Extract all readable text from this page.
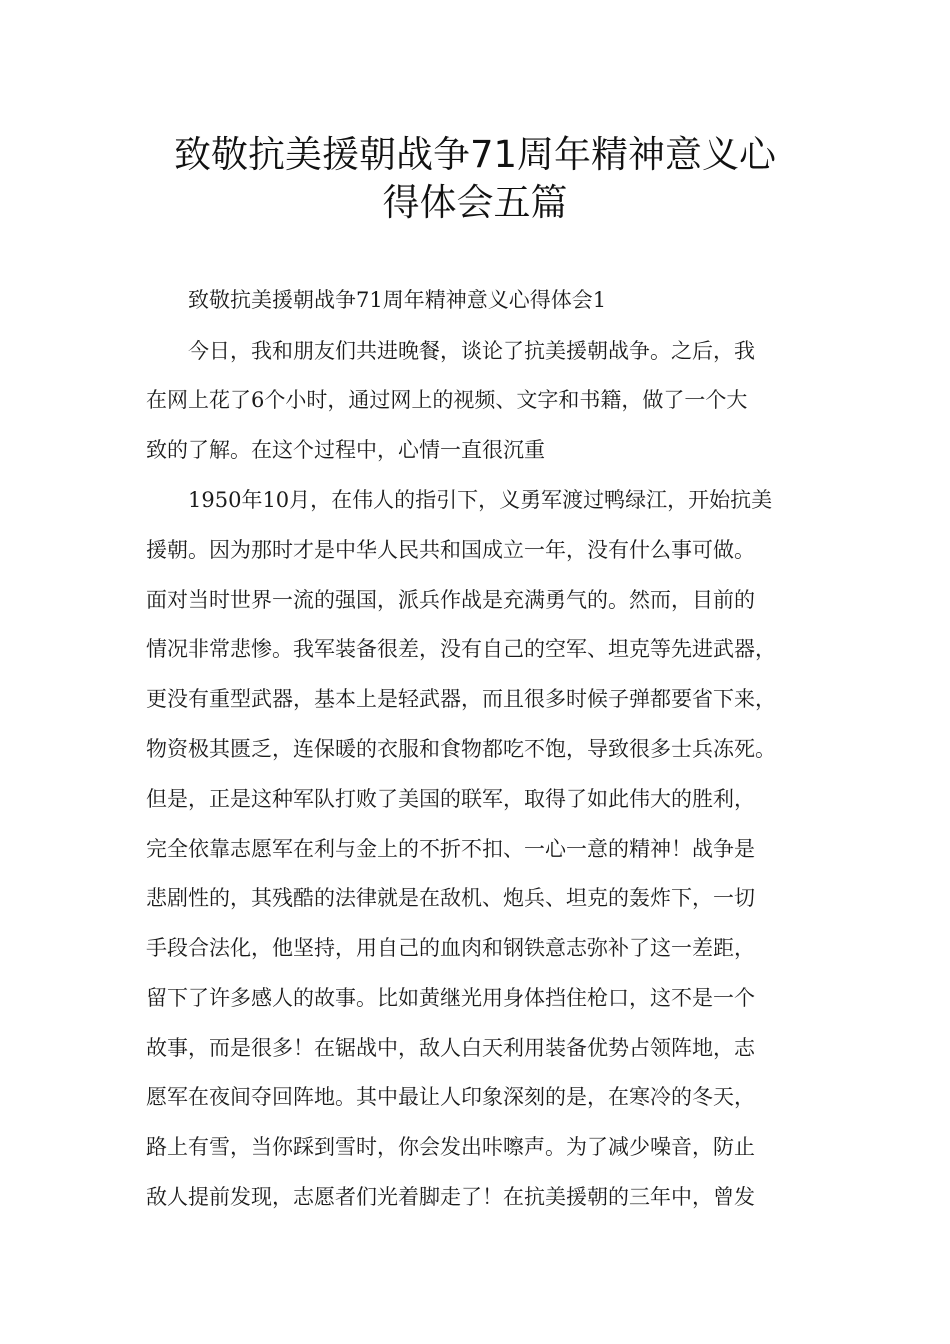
致敬抗美援朝战争71周年精神意义心
得体会五篇

致敬抗美援朝战争71周年精神意义心得体会1

今日，我和朋友们共进晚餐，谈论了抗美援朝战争。之后，我

在网上花了6个小时，通过网上的视频、文字和书籍，做了一个大

致的了解。在这个过程中，心情一直很沉重

1950年10月，在伟人的指引下，义勇军渡过鸭绿江，开始抗美

援朝。因为那时才是中华人民共和国成立一年，没有什么事可做。

面对当时世界一流的强国，派兵作战是充满勇气的。然而，目前的

情况非常悲惨。我军装备很差，没有自己的空军、坦克等先进武器，

更没有重型武器，基本上是轻武器，而且很多时候子弹都要省下来，

物资极其匮乏，连保暖的衣服和食物都吃不饱，导致很多士兵冻死。

但是，正是这种军队打败了美国的联军，取得了如此伟大的胜利，

完全依靠志愿军在利与金上的不折不扣、一心一意的精神！战争是

悲剧性的，其残酷的法律就是在敌机、炮兵、坦克的轰炸下，一切

手段合法化，他坚持，用自己的血肉和钢铁意志弥补了这一差距，

留下了许多感人的故事。比如黄继光用身体挡住枪口，这不是一个

故事，而是很多！在锯战中，敌人白天利用装备优势占领阵地，志

愿军在夜间夺回阵地。其中最让人印象深刻的是，在寒冷的冬天，

路上有雪，当你踩到雪时，你会发出咔嚓声。为了减少噪音，防止

敌人提前发现，志愿者们光着脚走了！在抗美援朝的三年中，曾发
